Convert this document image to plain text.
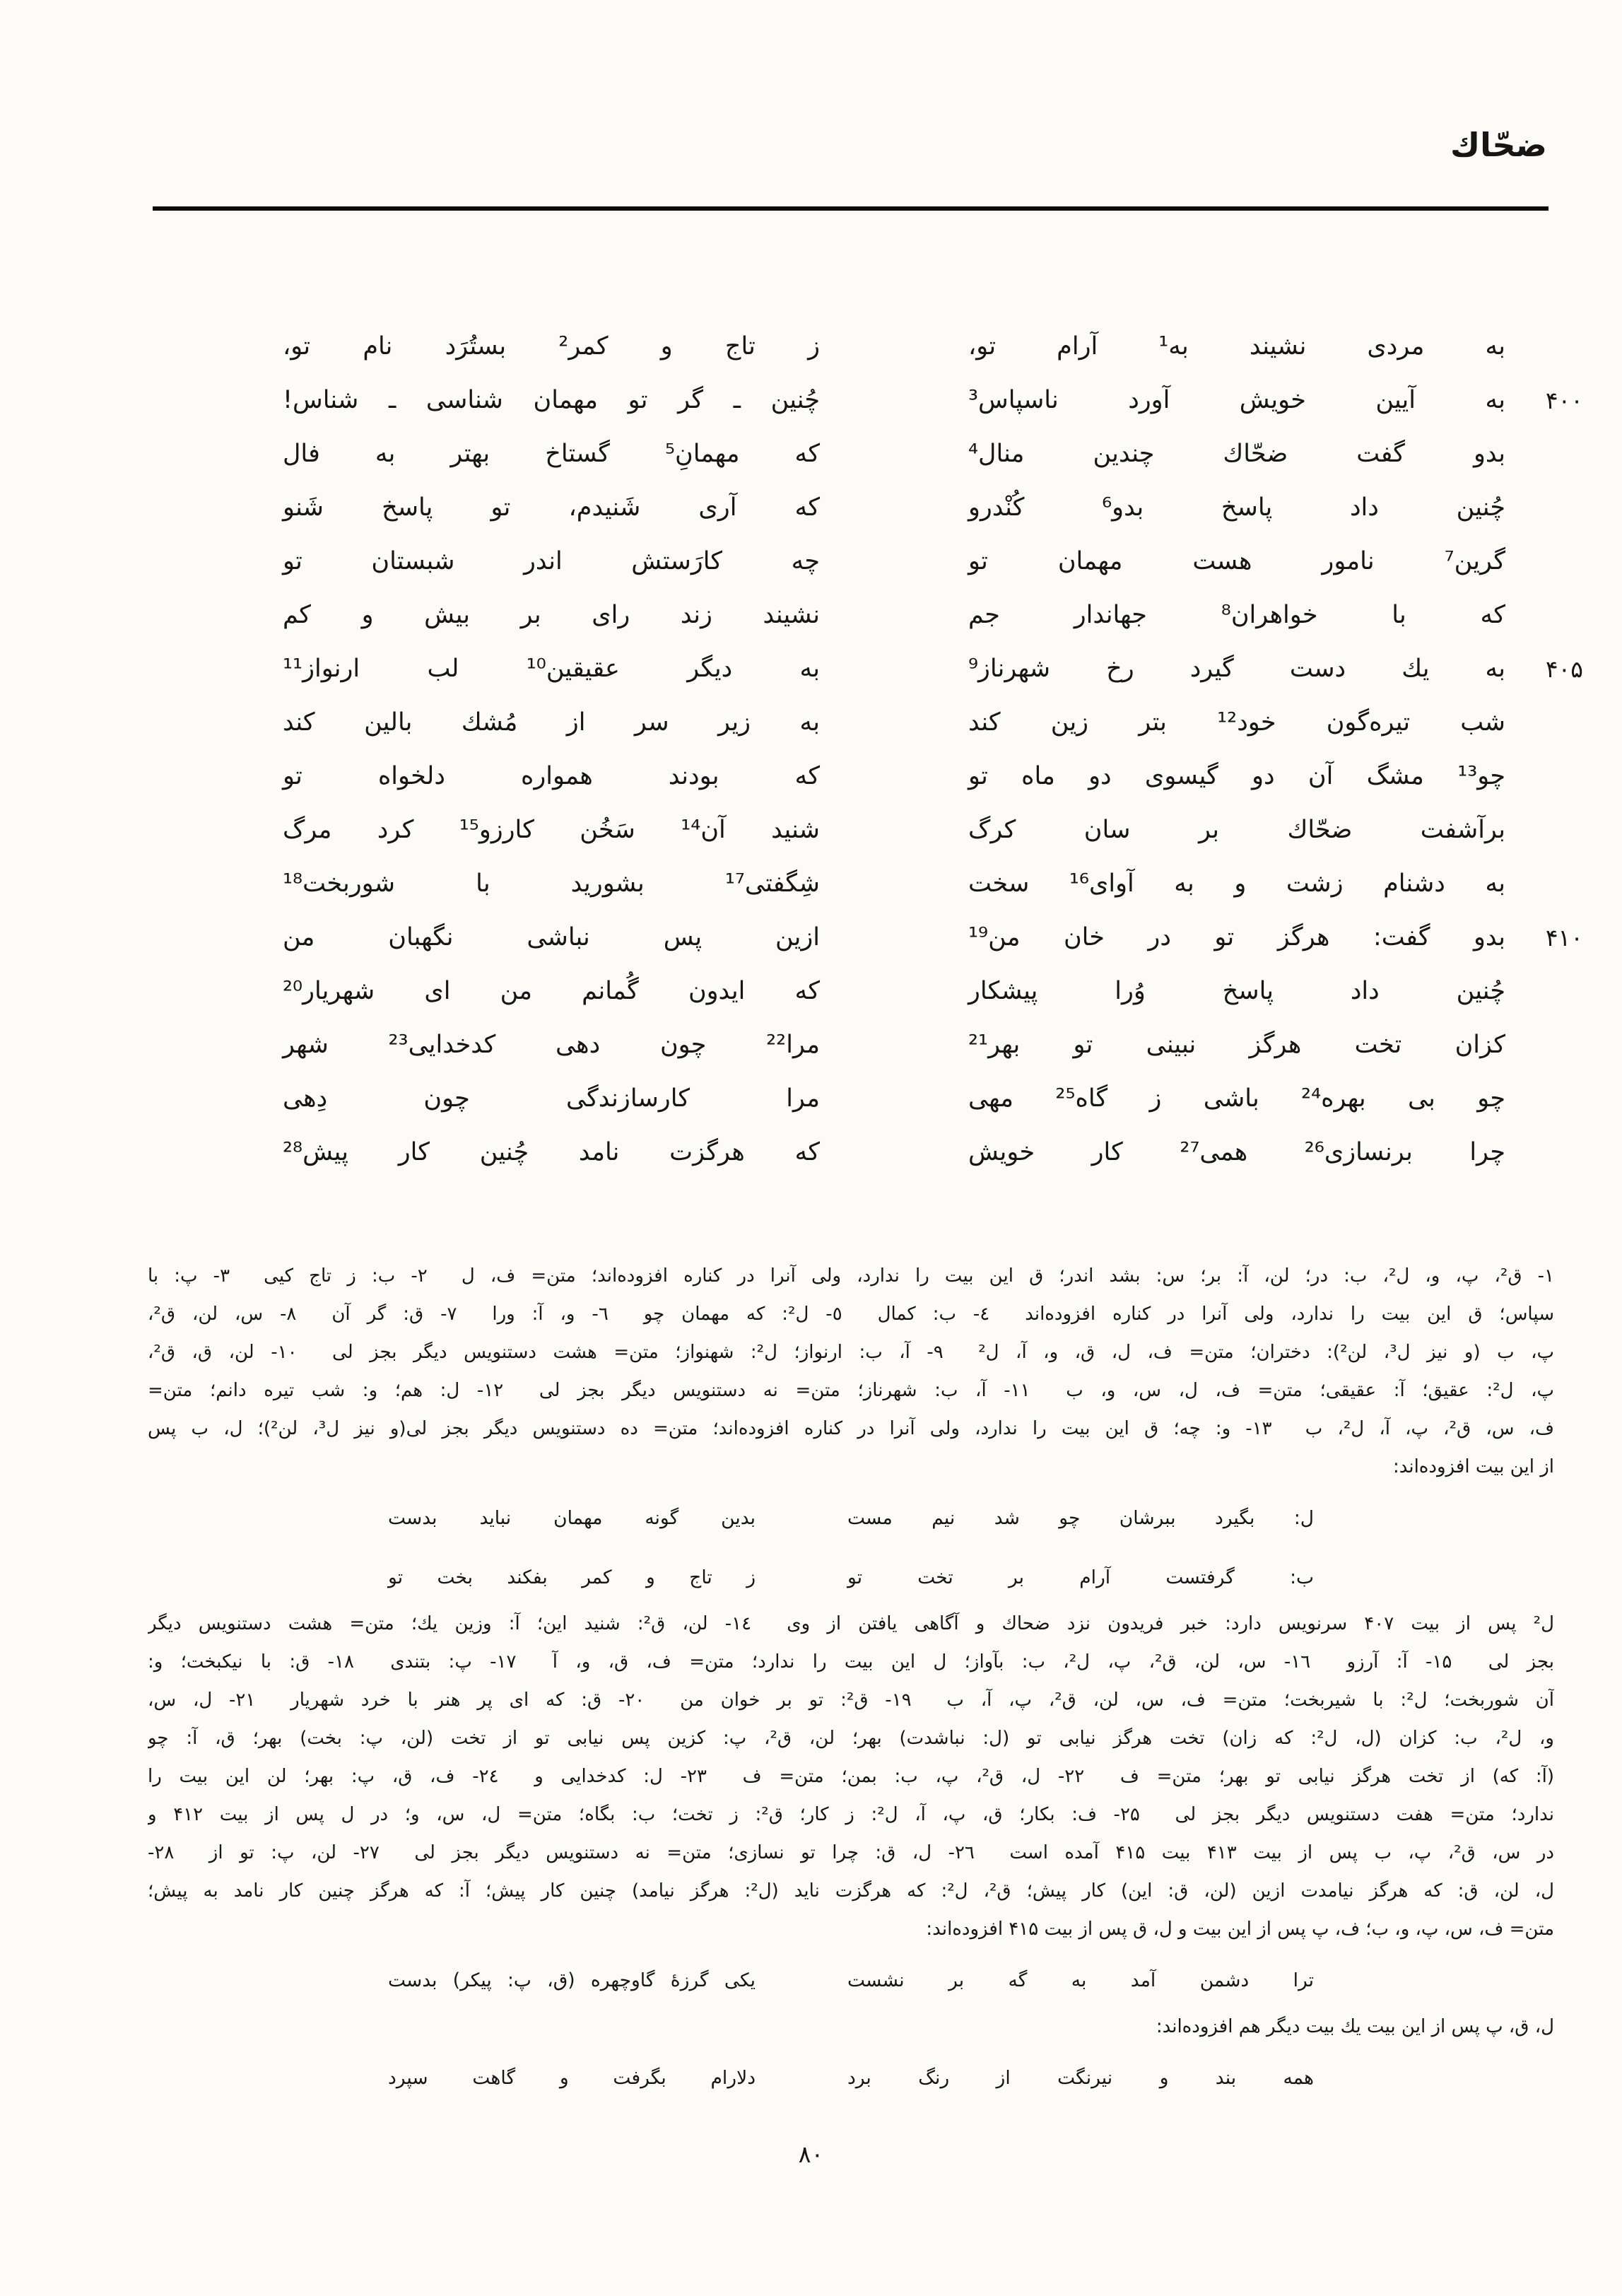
ضحّاك
به مردی نشیند به¹ آرام تو،
ز تاج و كمر² بستُرَد نام تو،
۴۰۰
به آیین خویش آورد ناسپاس³
چُنین ـ گر تو مهمان شناسی ـ شناس!
بدو گفت ضحّاك چندین منال⁴
كه مهمانِ⁵ گستاخ بهتر به فال
چُنین داد پاسخ بدو⁶ كُنْدرو
كه آری شَنیدم، تو پاسخ شَنو
گرین⁷ نامور هست مهمان تو
چه كارَستش اندر شبستان تو
كه با خواهران⁸ جهاندار جم
نشیند زند رای بر بیش و كم
۴۰۵
به یك دست گیرد رخ شهرناز⁹
به دیگر عقیقین¹⁰ لب ارنواز¹¹
شب تیره‌گون خود¹² بتر زین كند
به زیر سر از مُشك بالین كند
چو¹³ مشگ آن دو گیسوی دو ماه تو
كه بودند همواره دلخواه تو
برآشفت ضحّاك بر سان كرگ
شنید آن¹⁴ سَخُن كارزو¹⁵ كرد مرگ
به دشنام زشت و به آوای¹⁶ سخت
شِگفتی¹⁷ بشورید با شوربخت¹⁸
۴۱۰
بدو گفت: هرگز تو در خان من¹⁹
ازین پس نباشی نگهبان من
چُنین داد پاسخ وُرا پیشكار
كه ایدون گُمانم من ای شهریار²⁰
كزان تخت هرگز نبینی تو بهر²¹
مرا²² چون دهی كدخدایی²³ شهر
چو بی بهره²⁴ باشی ز گاه²⁵ مهی
مرا كارسازندگی چون دِهی
چرا برنسازی²⁶ همی²⁷ كار خویش
كه هرگزت نامد چُنین كار پیش²⁸
۱- ق²، پ، و، ل²، ب: در؛ لن، آ: بر؛ س: بشد اندر؛ ق این بیت را ندارد، ولی آنرا در كناره افزوده‌اند؛ متن= ف، ل  ۲- ب: ز تاج كیی  ۳- پ: با
سپاس؛ ق این بیت را ندارد، ولی آنرا در كناره افزوده‌اند  ٤- ب: كمال  ٥- ل²: كه مهمان چو  ٦- و، آ: ورا  ۷- ق: گر آن  ۸- س، لن، ق²،
پ، ب (و نیز ل³، لن²): دختران؛ متن= ف، ل، ق، و، آ، ل²  ۹- آ، ب: ارنواز؛ ل²: شهنواز؛ متن= هشت دستنویس دیگر بجز لی  ۱۰- لن، ق، ق²،
پ، ل²: عقیق؛ آ: عقیقی؛ متن= ف، ل، س، و، ب  ۱۱- آ، ب: شهرناز؛ متن= نه دستنویس دیگر بجز لی  ۱۲- ل: هم؛ و: شب تیره دانم؛ متن=
ف، س، ق²، پ، آ، ل²، ب  ۱۳- و: چه؛ ق این بیت را ندارد، ولی آنرا در كناره افزوده‌اند؛ متن= ده دستنویس دیگر بجز لی(و نیز ل³، لن²)؛ ل، ب پس
از این بیت افزوده‌اند:
ل: بگیرد ببرشان چو شد نیم مست
بدین گونه مهمان نباید بدست
ب: گرفتست آرام بر تخت تو
ز تاج و كمر بفكند بخت تو
ل² پس از بیت ۴۰۷ سرنویس دارد: خبر فریدون نزد ضحاك و آگاهی یافتن از وی  ۱٤- لن، ق²: شنید این؛ آ: وزین یك؛ متن= هشت دستنویس دیگر
بجز لی  ۱۵- آ: آرزو  ۱٦- س، لن، ق²، پ، ل²، ب: بآواز؛ ل این بیت را ندارد؛ متن= ف، ق، و، آ  ۱۷- پ: بتندی  ۱۸- ق: با نیكبخت؛ و:
آن شوربخت؛ ل²: با شیربخت؛ متن= ف، س، لن، ق²، پ، آ، ب  ۱۹- ق²: تو بر خوان من  ۲۰- ق: كه ای پر هنر با خرد شهریار  ۲۱- ل، س،
و، ل²، ب: كزان (ل، ل²: كه زان) تخت هرگز نیابی تو (ل: نباشدت) بهر؛ لن، ق²، پ: كزین پس نیابی تو از تخت (لن، پ: بخت) بهر؛ ق، آ: چو
(آ: كه) از تخت هرگز نیابی تو بهر؛ متن= ف  ۲۲- ل، ق²، پ، ب: بمن؛ متن= ف  ۲۳- ل: كدخدایی و  ۲٤- ف، ق، پ: بهر؛ لن این بیت را
ندارد؛ متن= هفت دستنویس دیگر بجز لی  ۲۵- ف: بكار؛ ق، پ، آ، ل²: ز كار؛ ق²: ز تخت؛ ب: بگاه؛ متن= ل، س، و؛ در ل پس از بیت ۴۱۲ و
در س، ق²، پ، ب پس از بیت ۴۱۳ بیت ۴۱۵ آمده است  ۲٦- ل، ق: چرا تو نسازی؛ متن= نه دستنویس دیگر بجز لی  ۲۷- لن، پ: تو از  ۲۸-
ل، لن، ق: كه هرگز نیامدت ازین (لن، ق: این) كار پیش؛ ق²، ل²: كه هرگزت ناید (ل²: هرگز نیامد) چنین كار پیش؛ آ: كه هرگز چنین كار نامد به پیش؛
متن= ف، س، پ، و، ب؛ ف، پ پس از این بیت و ل، ق پس از بیت ۴۱۵ افزوده‌اند:
ترا دشمن آمد به گه بر نشست
یكی گرزهٔ گاوچهره (ق، پ: پیكر) بدست
ل، ق، پ پس از این بیت یك بیت دیگر هم افزوده‌اند:
همه بند و نیرنگت از رنگ برد
دلارام بگرفت و گاهت سپرد
٨٠
